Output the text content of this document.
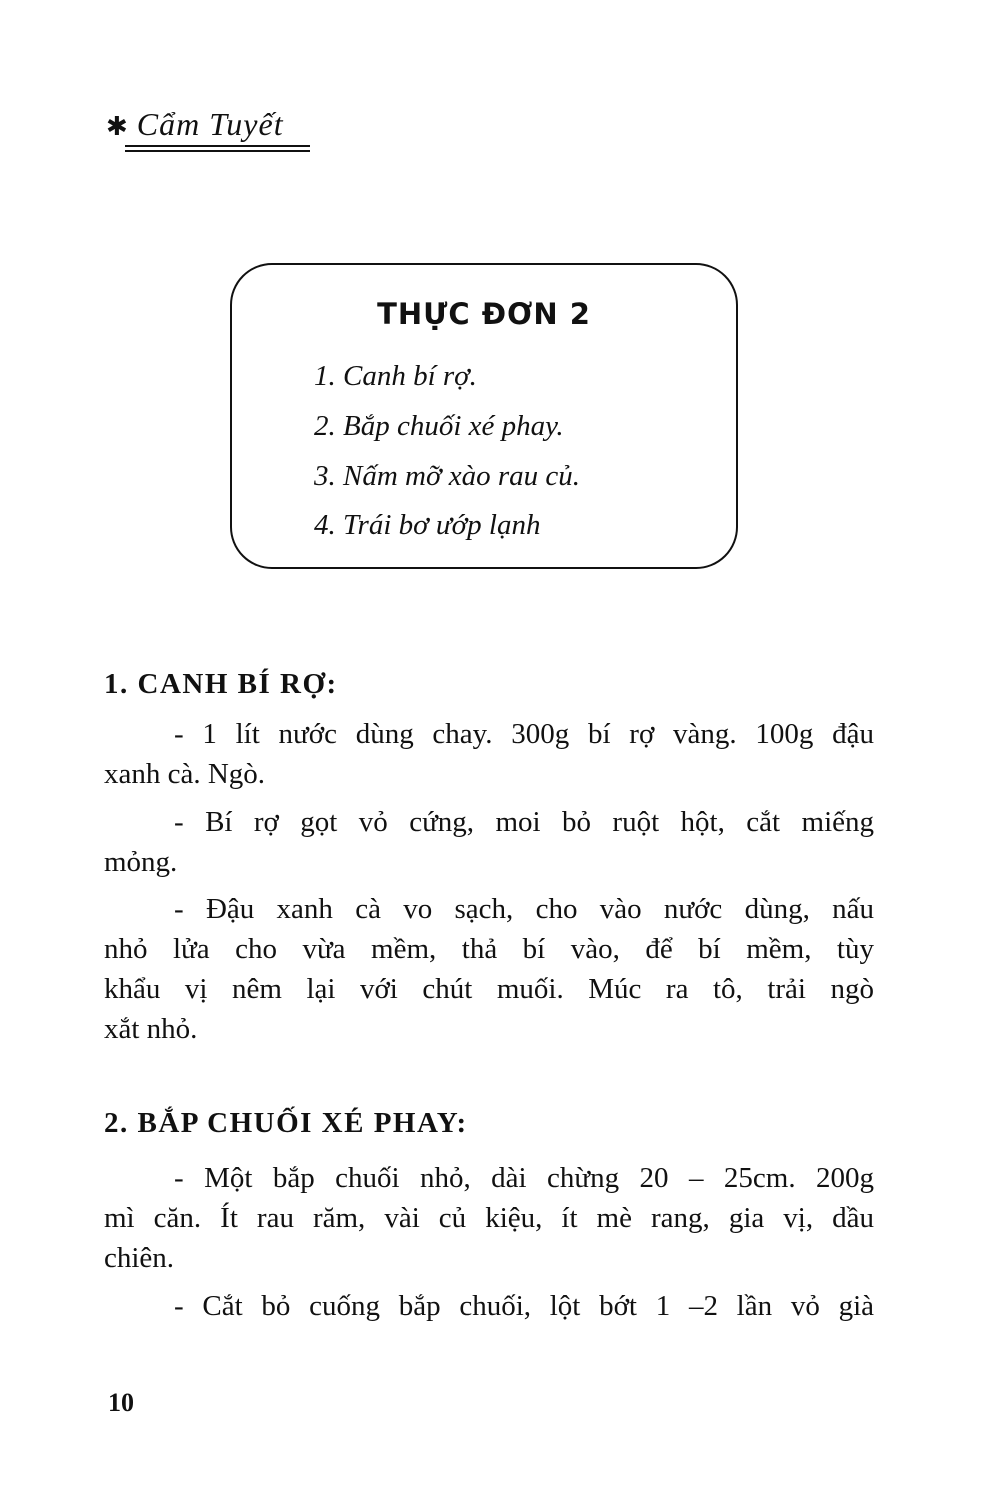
✱ Cẩm Tuyết
THỰC ĐƠN 2
1. Canh bí rợ.
2. Bắp chuối xé phay.
3. Nấm mỡ xào rau củ.
4. Trái bơ ướp lạnh
1. CANH BÍ RỢ:
- 1 lít nước dùng chay. 300g bí rợ vàng. 100g đậu
xanh cà. Ngò.
- Bí rợ gọt vỏ cứng, moi bỏ ruột hột, cắt miếng
mỏng.
- Đậu xanh cà vo sạch, cho vào nước dùng, nấu
nhỏ lửa cho vừa mềm, thả bí vào, để bí mềm, tùy
khẩu vị nêm lại với chút muối. Múc ra tô, trải ngò
xắt nhỏ.
2. BẮP CHUỐI XÉ PHAY:
- Một bắp chuối nhỏ, dài chừng 20 – 25cm. 200g
mì căn. Ít rau răm, vài củ kiệu, ít mè rang, gia vị, dầu
chiên.
- Cắt bỏ cuống bắp chuối, lột bớt 1 –2 lần vỏ già
10
